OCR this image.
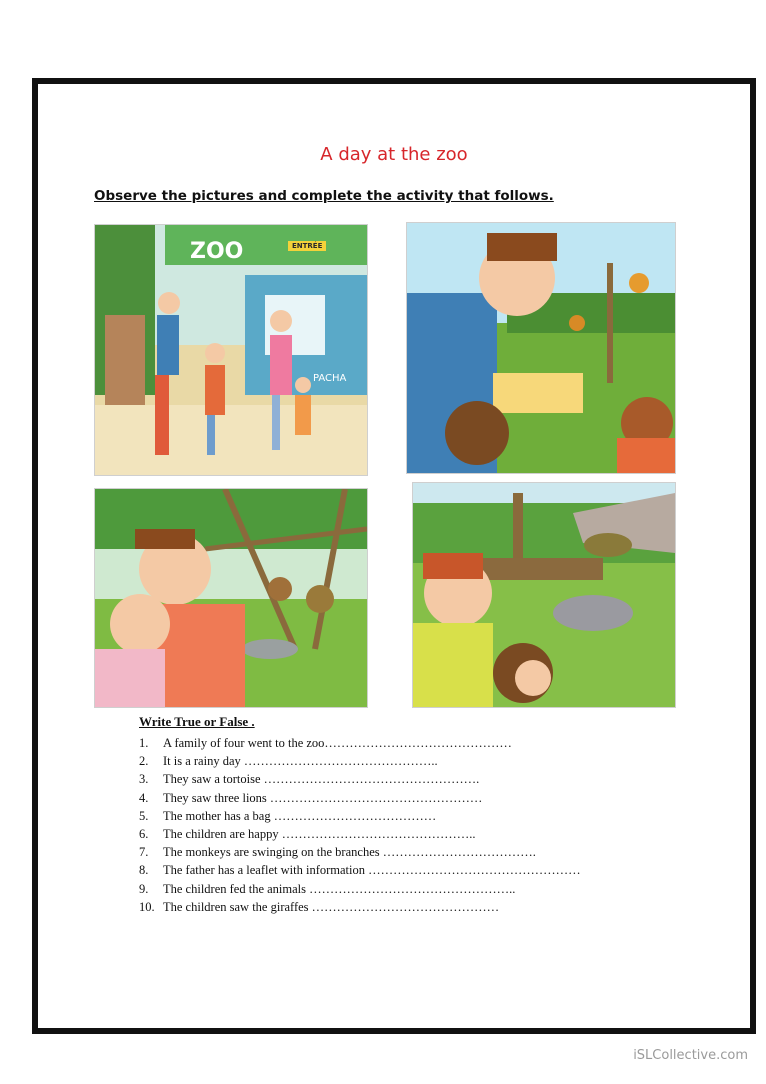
A day at the zoo
Observe the pictures and complete the activity that follows.
ZOO	ENTRÉE
PACHA
Write True or False .
1. A family of four went to the zoo………………………………………
2. It is a rainy day ………………………………………..
3. They saw a tortoise …………………………………………….
4. They saw three lions ……………………………………………
5. The mother has a bag …………………………………
6. The children are happy ………………………………………..
7. The monkeys are swinging on the branches ……………………………….
8. The father has a leaflet with information ……………………………………………
9. The children fed the animals …………………………………………..
10. The children saw the giraffes ………………………………………
iSLCollective.com
